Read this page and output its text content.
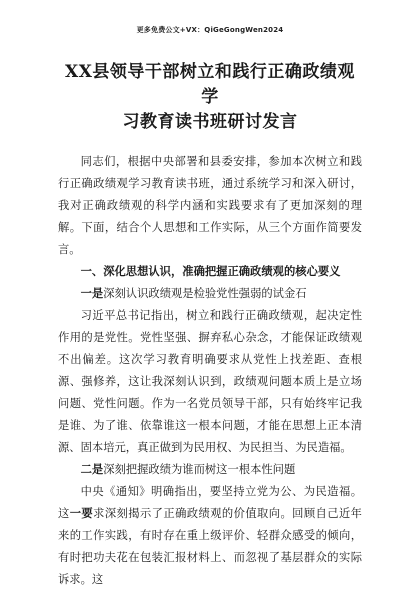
更多免费公文+VX：QiGeGongWen2024
XX县领导干部树立和践行正确政绩观学
习教育读书班研讨发言

同志们，根据中央部署和县委安排，参加本次树立和践行正确政绩观学习教育读书班，通过系统学习和深入研讨，我对正确政绩观的科学内涵和实践要求有了更加深刻的理解。下面，结合个人思想和工作实际，从三个方面作简要发言。

一、深化思想认识，准确把握正确政绩观的核心要义

一是深刻认识政绩观是检验党性强弱的试金石

习近平总书记指出，树立和践行正确政绩观，起决定性作用的是党性。党性坚强、摒弃私心杂念，才能保证政绩观不出偏差。这次学习教育明确要求从党性上找差距、查根源、强修养，这让我深刻认识到，政绩观问题本质上是立场问题、党性问题。作为一名党员领导干部，只有始终牢记我是谁、为了谁、依靠谁这一根本问题，才能在思想上正本清源、固本培元，真正做到为民用权、为民担当、为民造福。

二是深刻把握政绩为谁而树这一根本性问题

中央《通知》明确指出，要坚持立党为公、为民造福。这一要求深刻揭示了正确政绩观的价值取向。回顾自己近年来的工作实践，有时存在重上级评价、轻群众感受的倾向，有时把功夫花在包装汇报材料上、而忽视了基层群众的实际诉求。这
